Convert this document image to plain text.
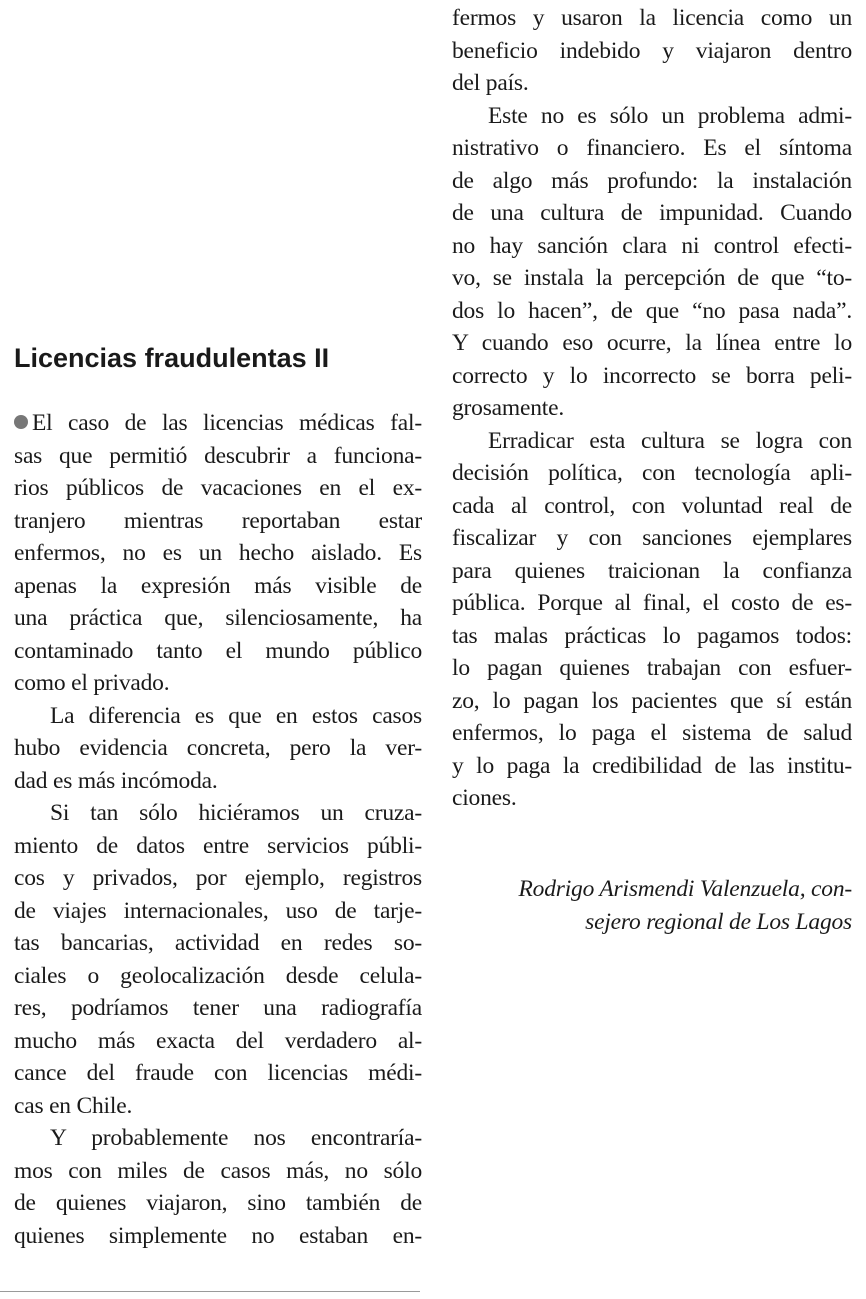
Licencias fraudulentas II
El caso de las licencias médicas fal-
sas que permitió descubrir a funciona-
rios públicos de vacaciones en el ex-
tranjero mientras reportaban estar
enfermos, no es un hecho aislado. Es
apenas la expresión más visible de
una práctica que, silenciosamente, ha
contaminado tanto el mundo público
como el privado.
La diferencia es que en estos casos
hubo evidencia concreta, pero la ver-
dad es más incómoda.
Si tan sólo hiciéramos un cruza-
miento de datos entre servicios públi-
cos y privados, por ejemplo, registros
de viajes internacionales, uso de tarje-
tas bancarias, actividad en redes so-
ciales o geolocalización desde celula-
res, podríamos tener una radiografía
mucho más exacta del verdadero al-
cance del fraude con licencias médi-
cas en Chile.
Y probablemente nos encontraría-
mos con miles de casos más, no sólo
de quienes viajaron, sino también de
quienes simplemente no estaban en-
fermos y usaron la licencia como un
beneficio indebido y viajaron dentro
del país.
Este no es sólo un problema admi-
nistrativo o financiero. Es el síntoma
de algo más profundo: la instalación
de una cultura de impunidad. Cuando
no hay sanción clara ni control efecti-
vo, se instala la percepción de que “to-
dos lo hacen”, de que “no pasa nada”.
Y cuando eso ocurre, la línea entre lo
correcto y lo incorrecto se borra peli-
grosamente.
Erradicar esta cultura se logra con
decisión política, con tecnología apli-
cada al control, con voluntad real de
fiscalizar y con sanciones ejemplares
para quienes traicionan la confianza
pública. Porque al final, el costo de es-
tas malas prácticas lo pagamos todos:
lo pagan quienes trabajan con esfuer-
zo, lo pagan los pacientes que sí están
enfermos, lo paga el sistema de salud
y lo paga la credibilidad de las institu-
ciones.
Rodrigo Arismendi Valenzuela, con-
sejero regional de Los Lagos
